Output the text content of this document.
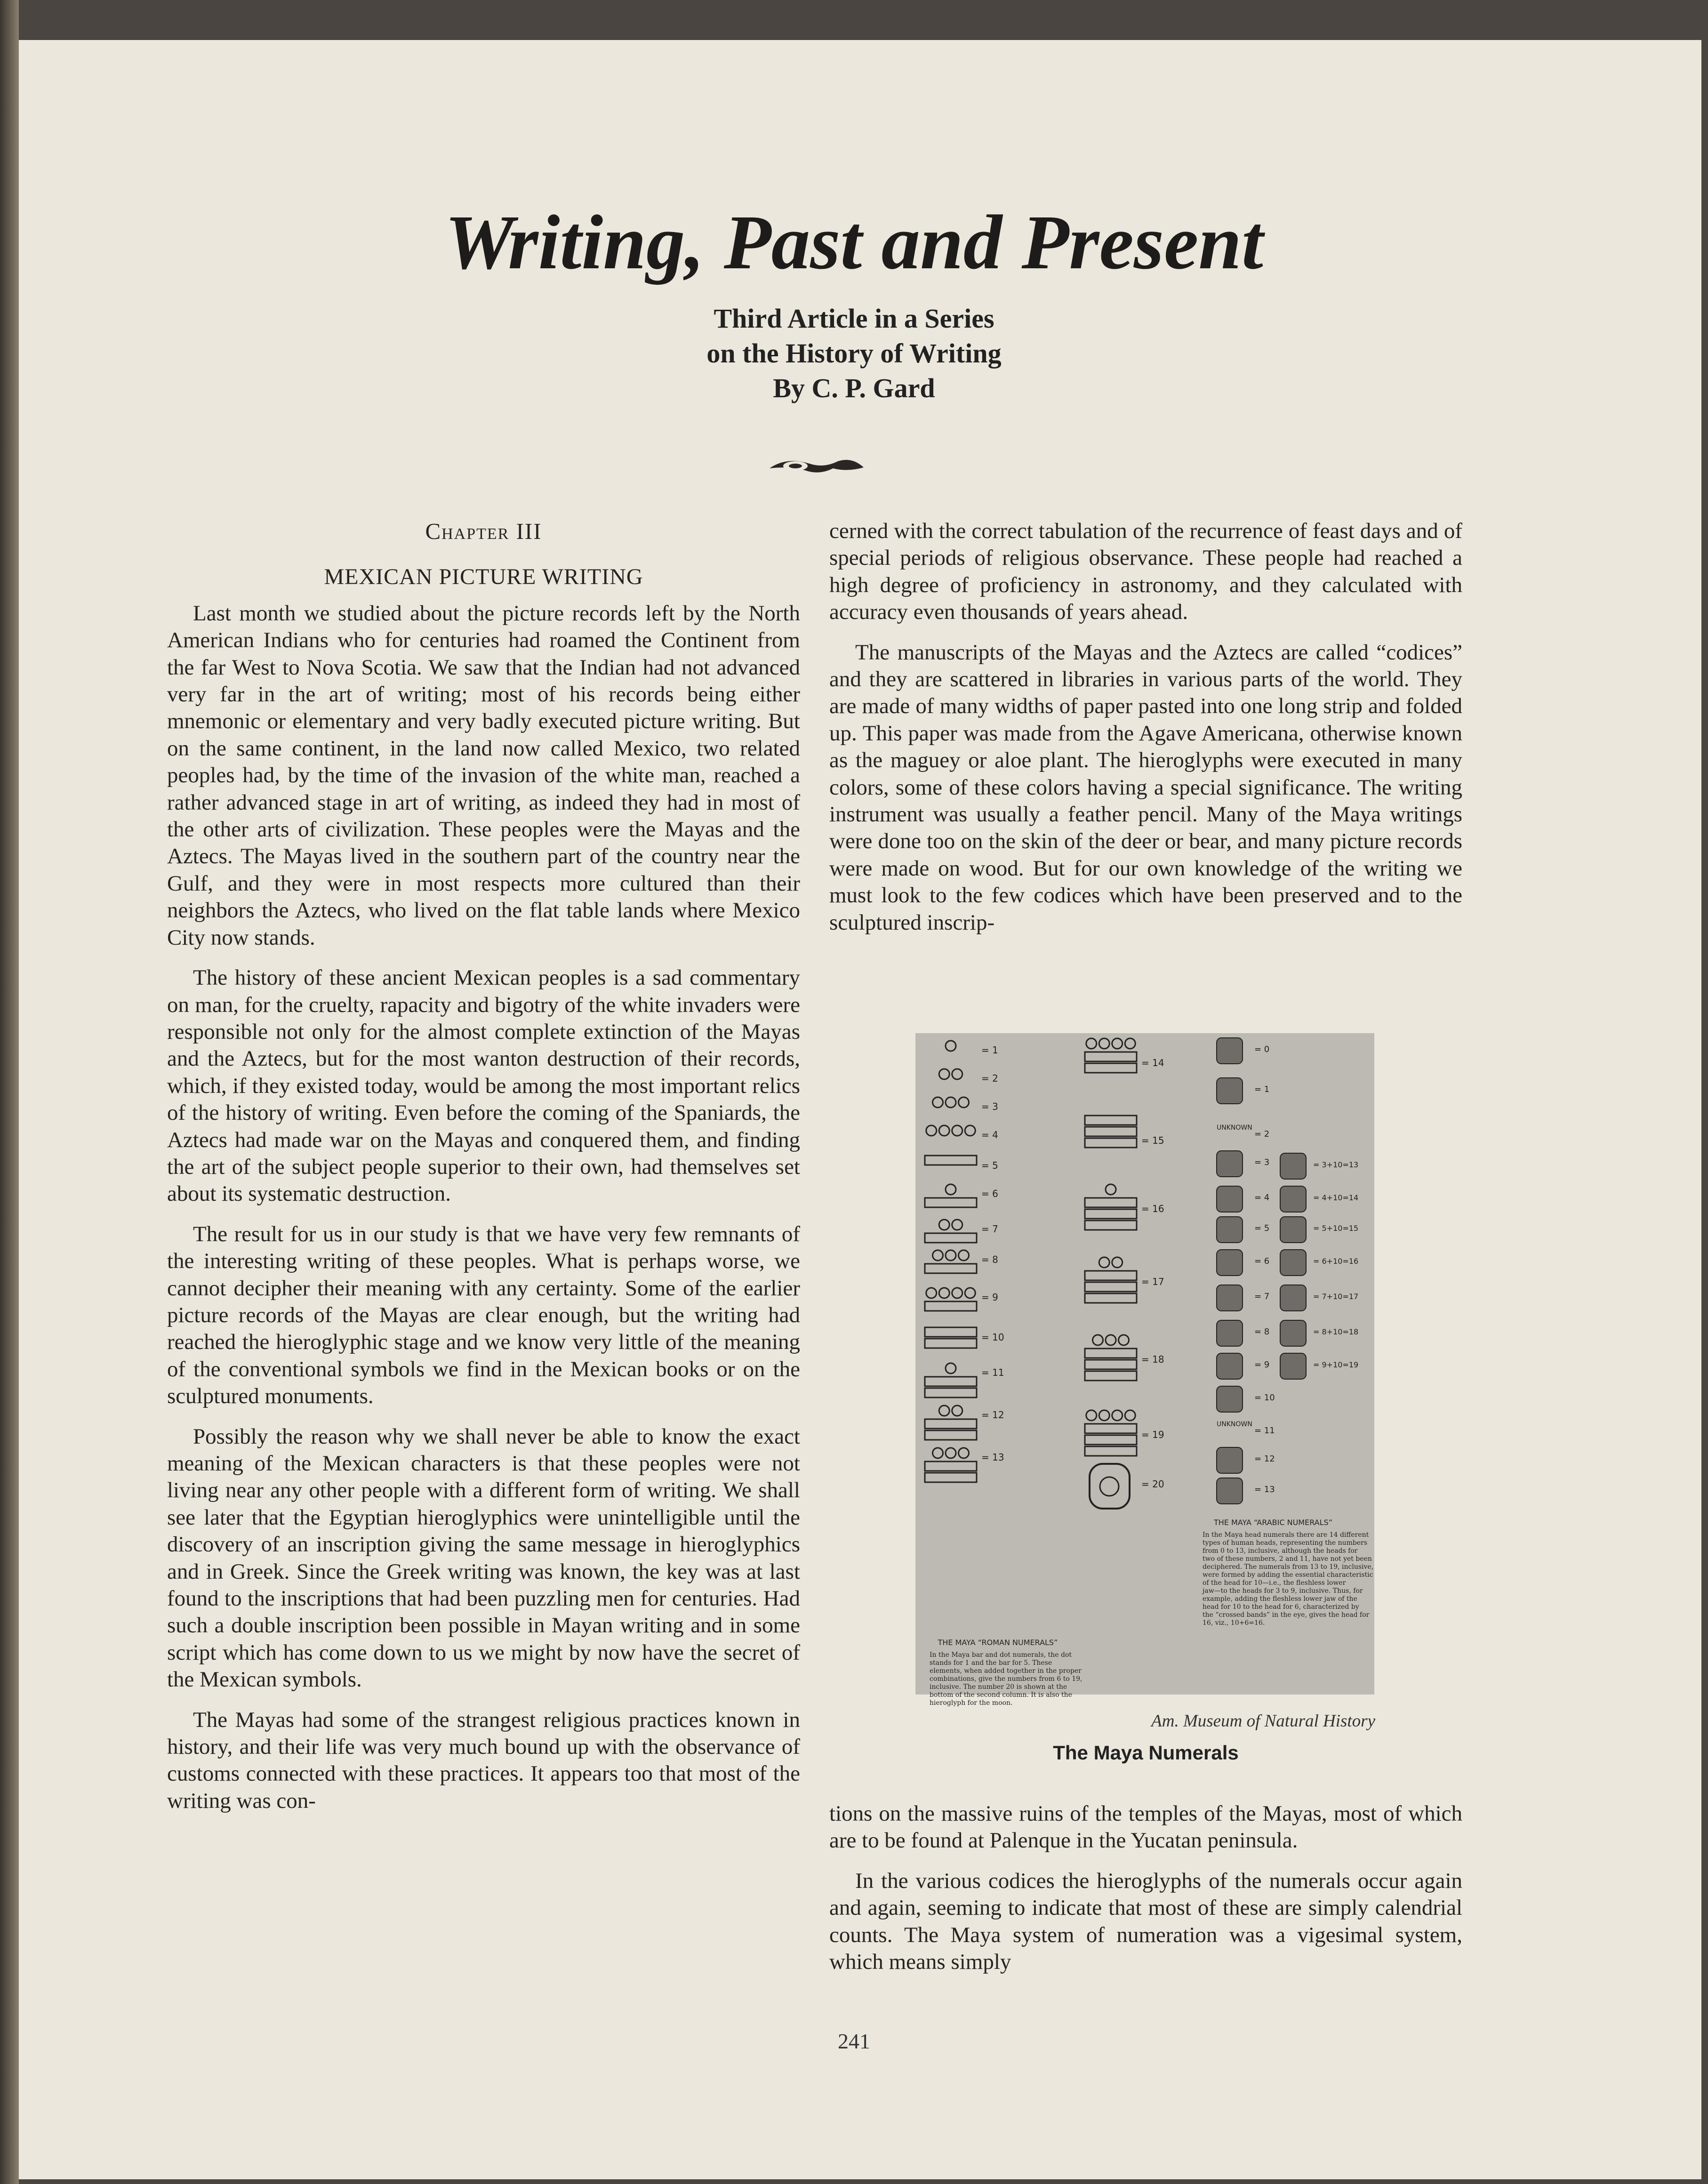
Writing, Past and Present
Third Article in a Series
on the History of Writing
By C. P. Gard
Chapter III
MEXICAN PICTURE WRITING

Last month we studied about the picture records left by the North American Indians who for centuries had roamed the Continent from the far West to Nova Scotia. We saw that the Indian had not advanced very far in the art of writing; most of his records being either mnemonic or elementary and very badly executed picture writing. But on the same continent, in the land now called Mexico, two related peoples had, by the time of the invasion of the white man, reached a rather advanced stage in art of writing, as indeed they had in most of the other arts of civilization. These peoples were the Mayas and the Aztecs. The Mayas lived in the southern part of the country near the Gulf, and they were in most respects more cultured than their neighbors the Aztecs, who lived on the flat table lands where Mexico City now stands.

The history of these ancient Mexican peoples is a sad commentary on man, for the cruelty, rapacity and bigotry of the white invaders were responsible not only for the almost complete extinction of the Mayas and the Aztecs, but for the most wanton destruction of their records, which, if they existed today, would be among the most important relics of the history of writing. Even before the coming of the Spaniards, the Aztecs had made war on the Mayas and conquered them, and finding the art of the subject people superior to their own, had themselves set about its systematic destruction.

The result for us in our study is that we have very few remnants of the interesting writing of these peoples. What is perhaps worse, we cannot decipher their meaning with any certainty. Some of the earlier picture records of the Mayas are clear enough, but the writing had reached the hieroglyphic stage and we know very little of the meaning of the conventional symbols we find in the Mexican books or on the sculptured monuments.

Possibly the reason why we shall never be able to know the exact meaning of the Mexican characters is that these peoples were not living near any other people with a different form of writing. We shall see later that the Egyptian hieroglyphics were unintelligible until the discovery of an inscription giving the same message in hieroglyphics and in Greek. Since the Greek writing was known, the key was at last found to the inscriptions that had been puzzling men for centuries. Had such a double inscription been possible in Mayan writing and in some script which has come down to us we might by now have the secret of the Mexican symbols.

The Mayas had some of the strangest religious practices known in history, and their life was very much bound up with the observance of customs connected with these practices. It appears too that most of the writing was con-

cerned with the correct tabulation of the recurrence of feast days and of special periods of religious observance. These people had reached a high degree of proficiency in astronomy, and they calculated with accuracy even thousands of years ahead.

The manuscripts of the Mayas and the Aztecs are called “codices” and they are scattered in libraries in various parts of the world. They are made of many widths of paper pasted into one long strip and folded up. This paper was made from the Agave Americana, otherwise known as the maguey or aloe plant. The hieroglyphs were executed in many colors, some of these colors having a special significance. The writing instrument was usually a feather pencil. Many of the Maya writings were done too on the skin of the deer or bear, and many picture records were made on wood. But for our own knowledge of the writing we must look to the few codices which have been preserved and to the sculptured inscrip-

= 1
= 2
= 3
= 4
= 5
= 6
= 7
= 8
= 9
= 10
= 11
= 12
= 13
= 14
= 15
= 16
= 17
= 18
= 19
= 20
= 0
= 1
UNKNOWN
= 2
= 3
= 4
= 5
= 6
= 7
= 8
= 9
= 10
UNKNOWN
= 11
= 12
= 13
= 3+10=13
= 4+10=14
= 5+10=15
= 6+10=16
= 7+10=17
= 8+10=18
= 9+10=19
THE MAYA “ROMAN NUMERALS”
In the Maya bar and dot numerals, the dot stands for 1 and the bar for 5. These elements, when added together in the proper combinations, give the numbers from 6 to 19, inclusive. The number 20 is shown at the bottom of the second column. It is also the hieroglyph for the moon.
THE MAYA “ARABIC NUMERALS”
In the Maya head numerals there are 14 different types of human heads, representing the numbers from 0 to 13, inclusive, although the heads for two of these numbers, 2 and 11, have not yet been deciphered. The numerals from 13 to 19, inclusive, were formed by adding the essential characteristic of the head for 10—i.e., the fleshless lower jaw—to the heads for 3 to 9, inclusive. Thus, for example, adding the fleshless lower jaw of the head for 10 to the head for 6, characterized by the “crossed bands” in the eye, gives the head for 16, viz., 10+6=16.
Am. Museum of Natural History
The Maya Numerals

tions on the massive ruins of the temples of the Mayas, most of which are to be found at Palenque in the Yucatan peninsula.

In the various codices the hieroglyphs of the numerals occur again and again, seeming to indicate that most of these are simply calendrial counts. The Maya system of numeration was a vigesimal system, which means simply

241
